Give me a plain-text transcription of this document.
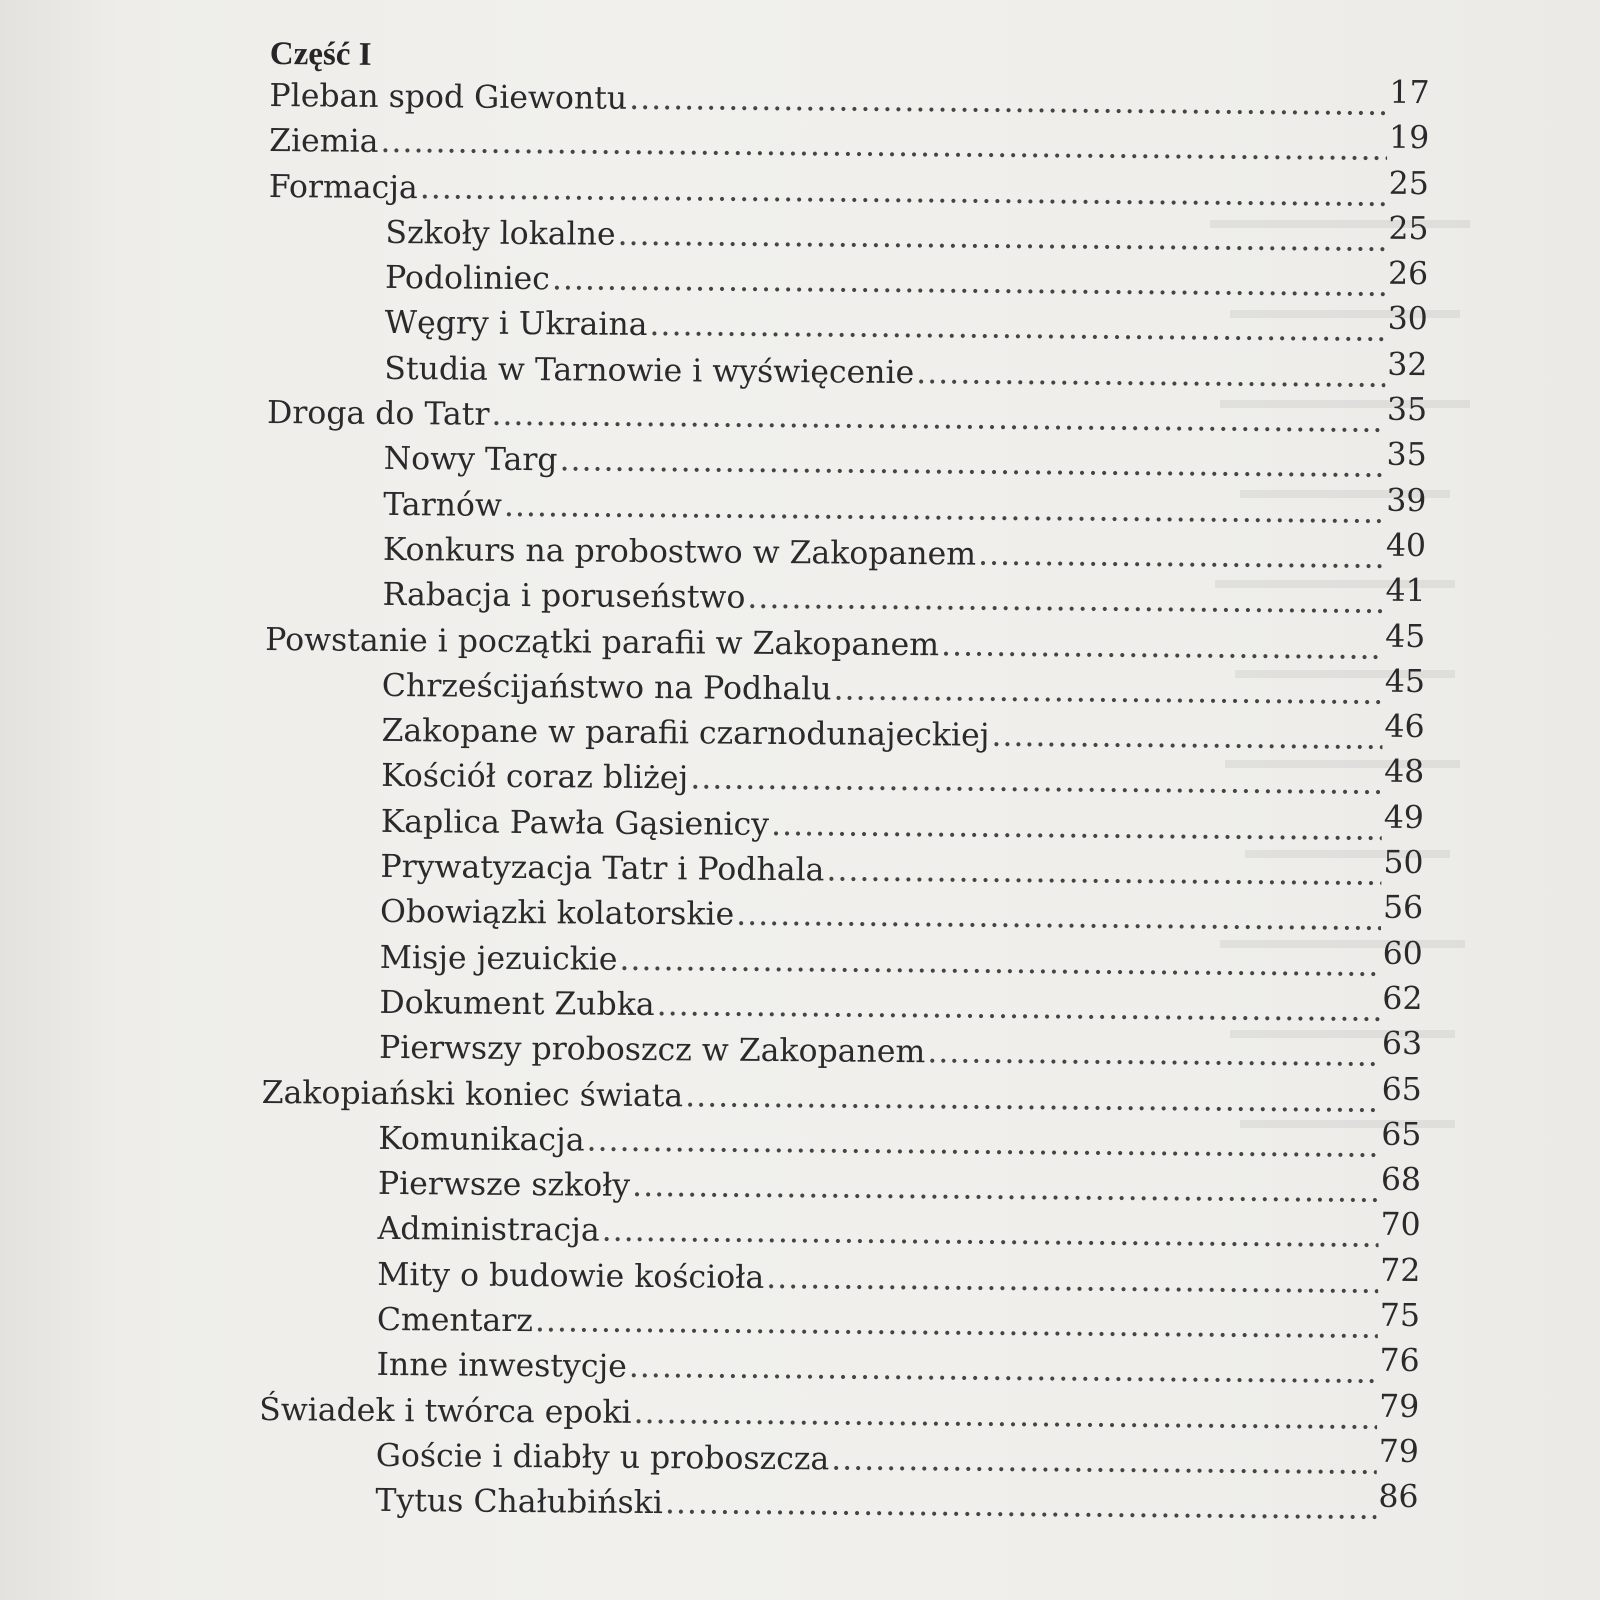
Część I
Pleban spod Giewontu .....	17
Ziemia .....	19
Formacja .....	25
Szkoły lokalne .....	25
Podoliniec .....	26
Węgry i Ukraina .....	30
Studia w Tarnowie i wyświęcenie .....	32
Droga do Tatr .....	35
Nowy Targ .....	35
Tarnów .....	39
Konkurs na probostwo w Zakopanem .....	40
Rabacja i poruseństwo .....	41
Powstanie i początki parafii w Zakopanem .....	45
Chrześcijaństwo na Podhalu .....	45
Zakopane w parafii czarnodunajeckiej .....	46
Kościół coraz bliżej .....	48
Kaplica Pawła Gąsienicy .....	49
Prywatyzacja Tatr i Podhala .....	50
Obowiązki kolatorskie .....	56
Misje jezuickie .....	60
Dokument Zubka .....	62
Pierwszy proboszcz w Zakopanem .....	63
Zakopiański koniec świata .....	65
Komunikacja .....	65
Pierwsze szkoły .....	68
Administracja .....	70
Mity o budowie kościoła .....	72
Cmentarz .....	75
Inne inwestycje .....	76
Świadek i twórca epoki .....	79
Goście i diabły u proboszcza .....	79
Tytus Chałubiński .....	86
